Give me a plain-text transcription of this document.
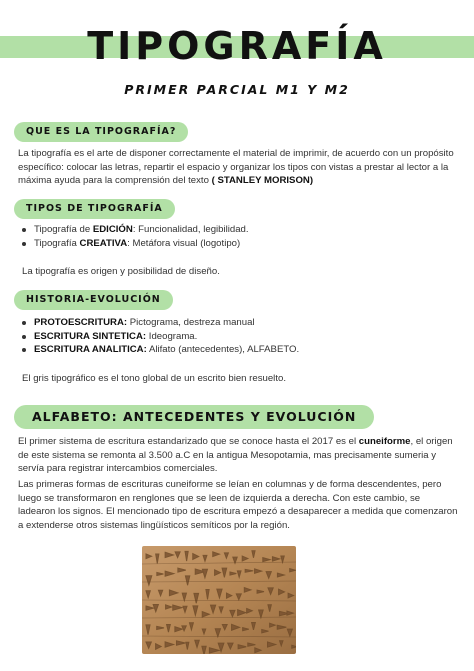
TIPOGRAFÍA
PRIMER PARCIAL M1 Y M2
QUE ES LA TIPOGRAFÍA?

La tipografía es el arte de disponer correctamente el material de imprimir, de acuerdo con un propósito específico: colocar las letras, repartir el espacio y organizar los tipos con vistas a prestar al lector a la máxima ayuda para la comprensión del texto ( STANLEY MORISON)

TIPOS DE TIPOGRAFÍA
Tipografía de EDICIÓN: Funcionalidad, legibilidad.
Tipografía CREATIVA: Metáfora visual (logotipo)

La tipografía es origen y posibilidad de diseño.

HISTORIA-EVOLUCIÓN
PROTOESCRITURA: Pictograma, destreza manual
ESCRITURA SINTETICA: Ideograma.
ESCRITURA ANALITICA: Alifato (antecedentes), ALFABETO.

El gris tipográfico es el tono global de un escrito bien resuelto.

ALFABETO: ANTECEDENTES Y EVOLUCIÓN

El primer sistema de escritura estandarizado que se conoce hasta el 2017 es el cuneiforme, el origen de este sistema se remonta al 3.500 a.C en la antigua Mesopotamia, mas precisamente sumeria y servía para registrar intercambios comerciales.

Las primeras formas de escrituras cuneiforme se leían en columnas y de forma descendentes, pero luego se transformaron en renglones que se leen de izquierda a derecha. Con este cambio, se ladearon los signos. El mencionado tipo de escritura empezó a desaparecer a medida que comenzaron a extenderse otros sistemas lingüísticos semíticos por la región.
